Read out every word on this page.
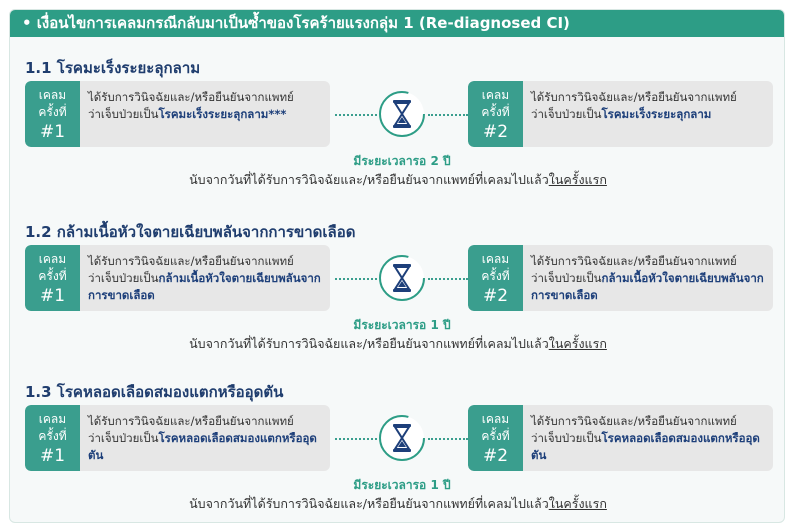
• เงื่อนไขการเคลมกรณีกลับมาเป็นซ้ำของโรคร้ายแรงกลุ่ม 1 (Re-diagnosed CI)
1.1 โรคมะเร็งระยะลุกลาม
เคลม
ครั้งที่
#1
ได้รับการวินิจฉัยและ/หรือยืนยันจากแพทย์
ว่าเจ็บป่วยเป็นโรคมะเร็งระยะลุกลาม***
เคลม
ครั้งที่
#2
ได้รับการวินิจฉัยและ/หรือยืนยันจากแพทย์
ว่าเจ็บป่วยเป็นโรคมะเร็งระยะลุกลาม
มีระยะเวลารอ 2 ปี
นับจากวันที่ได้รับการวินิจฉัยและ/หรือยืนยันจากแพทย์ที่เคลมไปแล้วในครั้งแรก
1.2 กล้ามเนื้อหัวใจตายเฉียบพลันจากการขาดเลือด
เคลม
ครั้งที่
#1
ได้รับการวินิจฉัยและ/หรือยืนยันจากแพทย์
ว่าเจ็บป่วยเป็นกล้ามเนื้อหัวใจตายเฉียบพลันจากการขาดเลือด
เคลม
ครั้งที่
#2
ได้รับการวินิจฉัยและ/หรือยืนยันจากแพทย์
ว่าเจ็บป่วยเป็นกล้ามเนื้อหัวใจตายเฉียบพลันจากการขาดเลือด
มีระยะเวลารอ 1 ปี
นับจากวันที่ได้รับการวินิจฉัยและ/หรือยืนยันจากแพทย์ที่เคลมไปแล้วในครั้งแรก
1.3 โรคหลอดเลือดสมองแตกหรืออุดตัน
เคลม
ครั้งที่
#1
ได้รับการวินิจฉัยและ/หรือยืนยันจากแพทย์
ว่าเจ็บป่วยเป็นโรคหลอดเลือดสมองแตกหรืออุดตัน
เคลม
ครั้งที่
#2
ได้รับการวินิจฉัยและ/หรือยืนยันจากแพทย์
ว่าเจ็บป่วยเป็นโรคหลอดเลือดสมองแตกหรืออุดตัน
มีระยะเวลารอ 1 ปี
นับจากวันที่ได้รับการวินิจฉัยและ/หรือยืนยันจากแพทย์ที่เคลมไปแล้วในครั้งแรก
